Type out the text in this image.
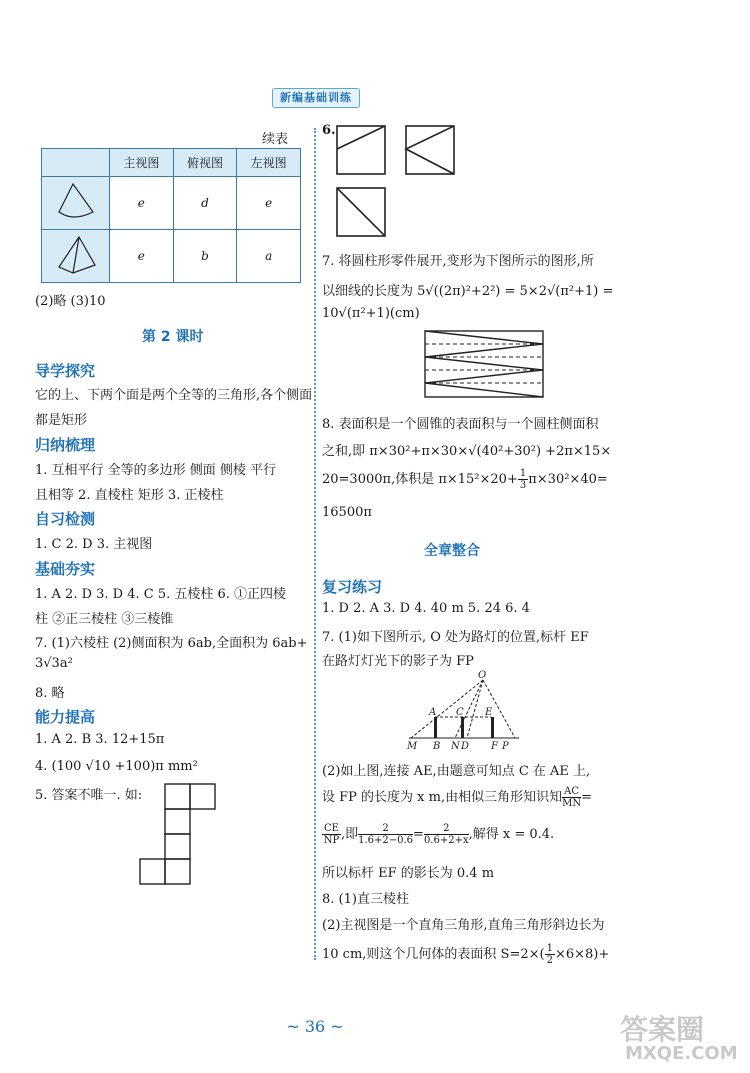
新编基础训练
续表
	主视图	俯视图	左视图
	e	d	e
	e	b	a
(2)略 (3)10
第 2 课时
导学探究
它的上、下两个面是两个全等的三角形,各个侧面
都是矩形
归纳梳理
1. 互相平行 全等的多边形 侧面 侧棱 平行
且相等 2. 直棱柱 矩形 3. 正棱柱
自习检测
1. C 2. D 3. 主视图
基础夯实
1. A 2. D 3. D 4. C 5. 五棱柱 6. ①正四棱
柱 ②正三棱柱 ③三棱锥
7. (1)六棱柱 (2)侧面积为 6ab,全面积为 6ab+
3√3a²
8. 略
能力提高
1. A 2. B 3. 12+15π
4. (100 √10 +100)π mm²
5. 答案不唯一. 如:
6.
7. 将圆柱形零件展开,变形为下图所示的图形,所
以细线的长度为 5√((2π)²+2²) = 5×2√(π²+1) =
10√(π²+1)(cm)
8. 表面积是一个圆锥的表面积与一个圆柱侧面积
之和,即 π×30²+π×30×√(40²+30²) +2π×15×
20=3000π,体积是 $\pi\times 15^2\times 20+ \frac{1}{3} \pi\times 30^2\times 40=$
16500π
全章整合
复习练习
1. D 2. A 3. D 4. 40 m 5. 24 6. 4
7. (1)如下图所示, O 处为路灯的位置,标杆 EF
在路灯灯光下的影子为 FP
O
A C E
M B N D F P
(2)如上图,连接 AE,由题意可知点 C 在 AE 上,
设 FP 的长度为 x m,由相似三角形知识知 $\frac{AC}{MN}$ =
$\frac{CE}{NP}$ ,即 $\frac{2}{1.6+2-0.6} = \frac{2}{0.6+2+x}$ ,解得 x = 0.4.
所以标杆 EF 的影长为 0.4 m
8. (1)直三棱柱
(2)主视图是一个直角三角形,直角三角形斜边长为
10 cm,则这个几何体的表面积 $S=2\times( \frac{1}{2} \times 6\times 8)+$
~ 36 ~	答案圈
MXQE.COM
